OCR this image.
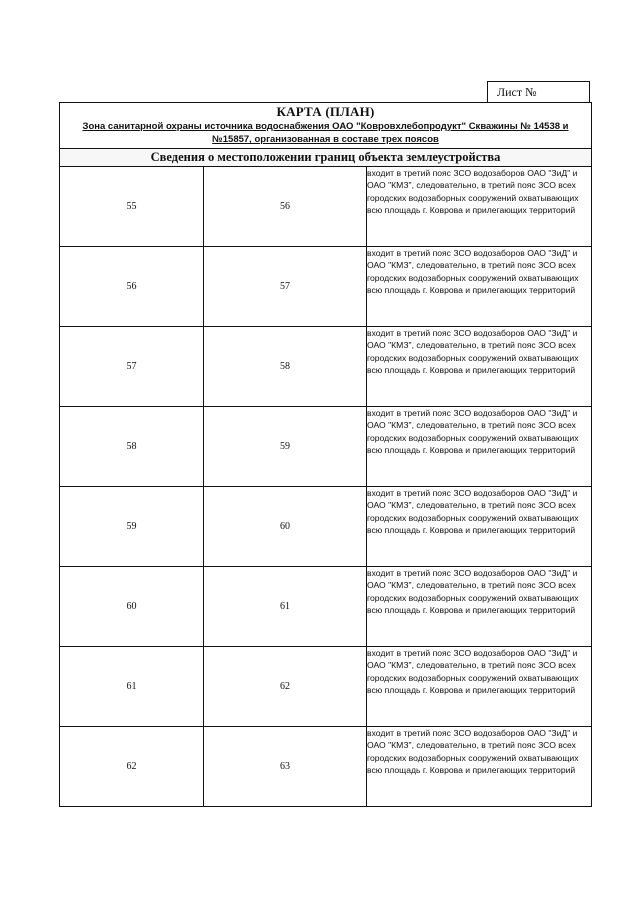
Лист №
КАРТА (ПЛАН)
Зона санитарной охраны источника водоснабжения ОАО "Ковровхлебопродукт" Скважины № 14538 и №15857, организованная в составе трех поясов		

Сведения о местоположении границ объекта землеустройства		
55	56	входит в третий пояс ЗСО водозаборов ОАО "ЗиД" и ОАО "КМЗ", следовательно, в третий пояс ЗСО всех городских водозаборных сооружений охватывающих всю площадь г. Коврова и прилегающих территорий
56	57	входит в третий пояс ЗСО водозаборов ОАО "ЗиД" и ОАО "КМЗ", следовательно, в третий пояс ЗСО всех городских водозаборных сооружений охватывающих всю площадь г. Коврова и прилегающих территорий
57	58	входит в третий пояс ЗСО водозаборов ОАО "ЗиД" и ОАО "КМЗ", следовательно, в третий пояс ЗСО всех городских водозаборных сооружений охватывающих всю площадь г. Коврова и прилегающих территорий
58	59	входит в третий пояс ЗСО водозаборов ОАО "ЗиД" и ОАО "КМЗ", следовательно, в третий пояс ЗСО всех городских водозаборных сооружений охватывающих всю площадь г. Коврова и прилегающих территорий
59	60	входит в третий пояс ЗСО водозаборов ОАО "ЗиД" и ОАО "КМЗ", следовательно, в третий пояс ЗСО всех городских водозаборных сооружений охватывающих всю площадь г. Коврова и прилегающих территорий
60	61	входит в третий пояс ЗСО водозаборов ОАО "ЗиД" и ОАО "КМЗ", следовательно, в третий пояс ЗСО всех городских водозаборных сооружений охватывающих всю площадь г. Коврова и прилегающих территорий
61	62	входит в третий пояс ЗСО водозаборов ОАО "ЗиД" и ОАО "КМЗ", следовательно, в третий пояс ЗСО всех городских водозаборных сооружений охватывающих всю площадь г. Коврова и прилегающих территорий
62	63	входит в третий пояс ЗСО водозаборов ОАО "ЗиД" и ОАО "КМЗ", следовательно, в третий пояс ЗСО всех городских водозаборных сооружений охватывающих всю площадь г. Коврова и прилегающих территорий
